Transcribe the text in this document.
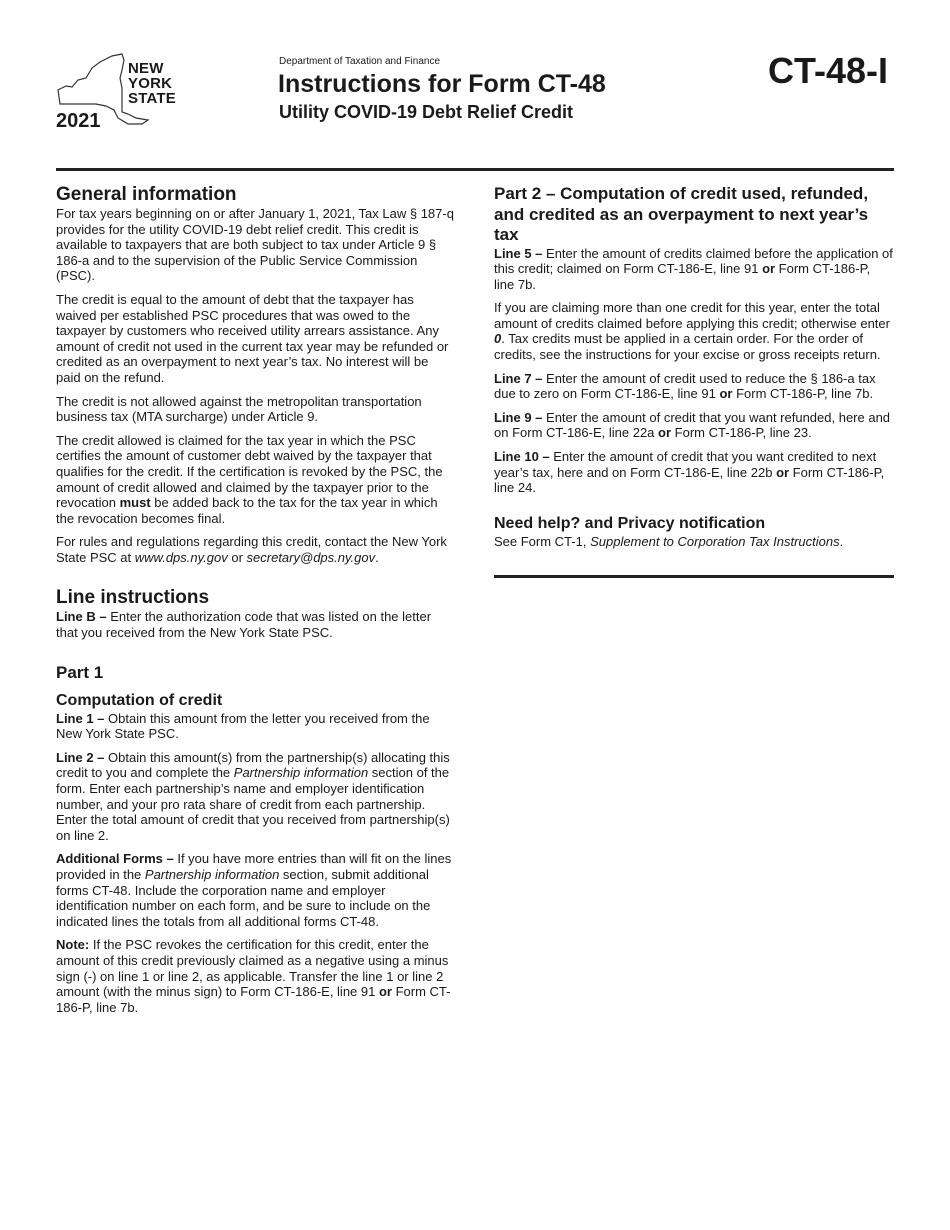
NEW
YORK
STATE
2021
Department of Taxation and Finance
Instructions for Form CT-48
Utility COVID-19 Debt Relief Credit
CT-48-I
General information

For tax years beginning on or after January 1, 2021, Tax Law § 187-q provides for the utility COVID-19 debt relief credit. This credit is available to taxpayers that are both subject to tax under Article 9 § 186-a and to the supervision of the Public Service Commission (PSC).

The credit is equal to the amount of debt that the taxpayer has waived per established PSC procedures that was owed to the taxpayer by customers who received utility arrears assistance. Any amount of credit not used in the current tax year may be refunded or credited as an overpayment to next year’s tax. No interest will be paid on the refund.

The credit is not allowed against the metropolitan transportation business tax (MTA surcharge) under Article 9.

The credit allowed is claimed for the tax year in which the PSC certifies the amount of customer debt waived by the taxpayer that qualifies for the credit. If the certification is revoked by the PSC, the amount of credit allowed and claimed by the taxpayer prior to the revocation must be added back to the tax for the tax year in which the revocation becomes final.

For rules and regulations regarding this credit, contact the New York State PSC at www.dps.ny.gov or secretary@dps.ny.gov.

Line instructions

Line B – Enter the authorization code that was listed on the letter that you received from the New York State PSC.

Part 1
Computation of credit

Line 1 – Obtain this amount from the letter you received from the New York State PSC.

Line 2 – Obtain this amount(s) from the partnership(s) allocating this credit to you and complete the Partnership information section of the form. Enter each partnership’s name and employer identification number, and your pro rata share of credit from each partnership. Enter the total amount of credit that you received from partnership(s) on line 2.

Additional Forms – If you have more entries than will fit on the lines provided in the Partnership information section, submit additional forms CT-48. Include the corporation name and employer identification number on each form, and be sure to include on the indicated lines the totals from all additional forms CT-48.

Note: If the PSC revokes the certification for this credit, enter the amount of this credit previously claimed as a negative using a minus sign (-) on line 1 or line 2, as applicable. Transfer the line 1 or line 2 amount (with the minus sign) to Form CT-186-E, line 91 or Form CT-186-P, line 7b.

Part 2 – Computation of credit used, refunded, and credited as an overpayment to next year’s tax

Line 5 – Enter the amount of credits claimed before the application of this credit; claimed on Form CT-186-E, line 91 or Form CT-186-P, line 7b.

If you are claiming more than one credit for this year, enter the total amount of credits claimed before applying this credit; otherwise enter 0. Tax credits must be applied in a certain order. For the order of credits, see the instructions for your excise or gross receipts return.

Line 7 – Enter the amount of credit used to reduce the § 186-a tax due to zero on Form CT-186-E, line 91 or Form CT-186-P, line 7b.

Line 9 – Enter the amount of credit that you want refunded, here and on Form CT-186-E, line 22a or Form CT-186-P, line 23.

Line 10 – Enter the amount of credit that you want credited to next year’s tax, here and on Form CT-186-E, line 22b or Form CT-186-P, line 24.

Need help? and Privacy notification

See Form CT-1, Supplement to Corporation Tax Instructions.
